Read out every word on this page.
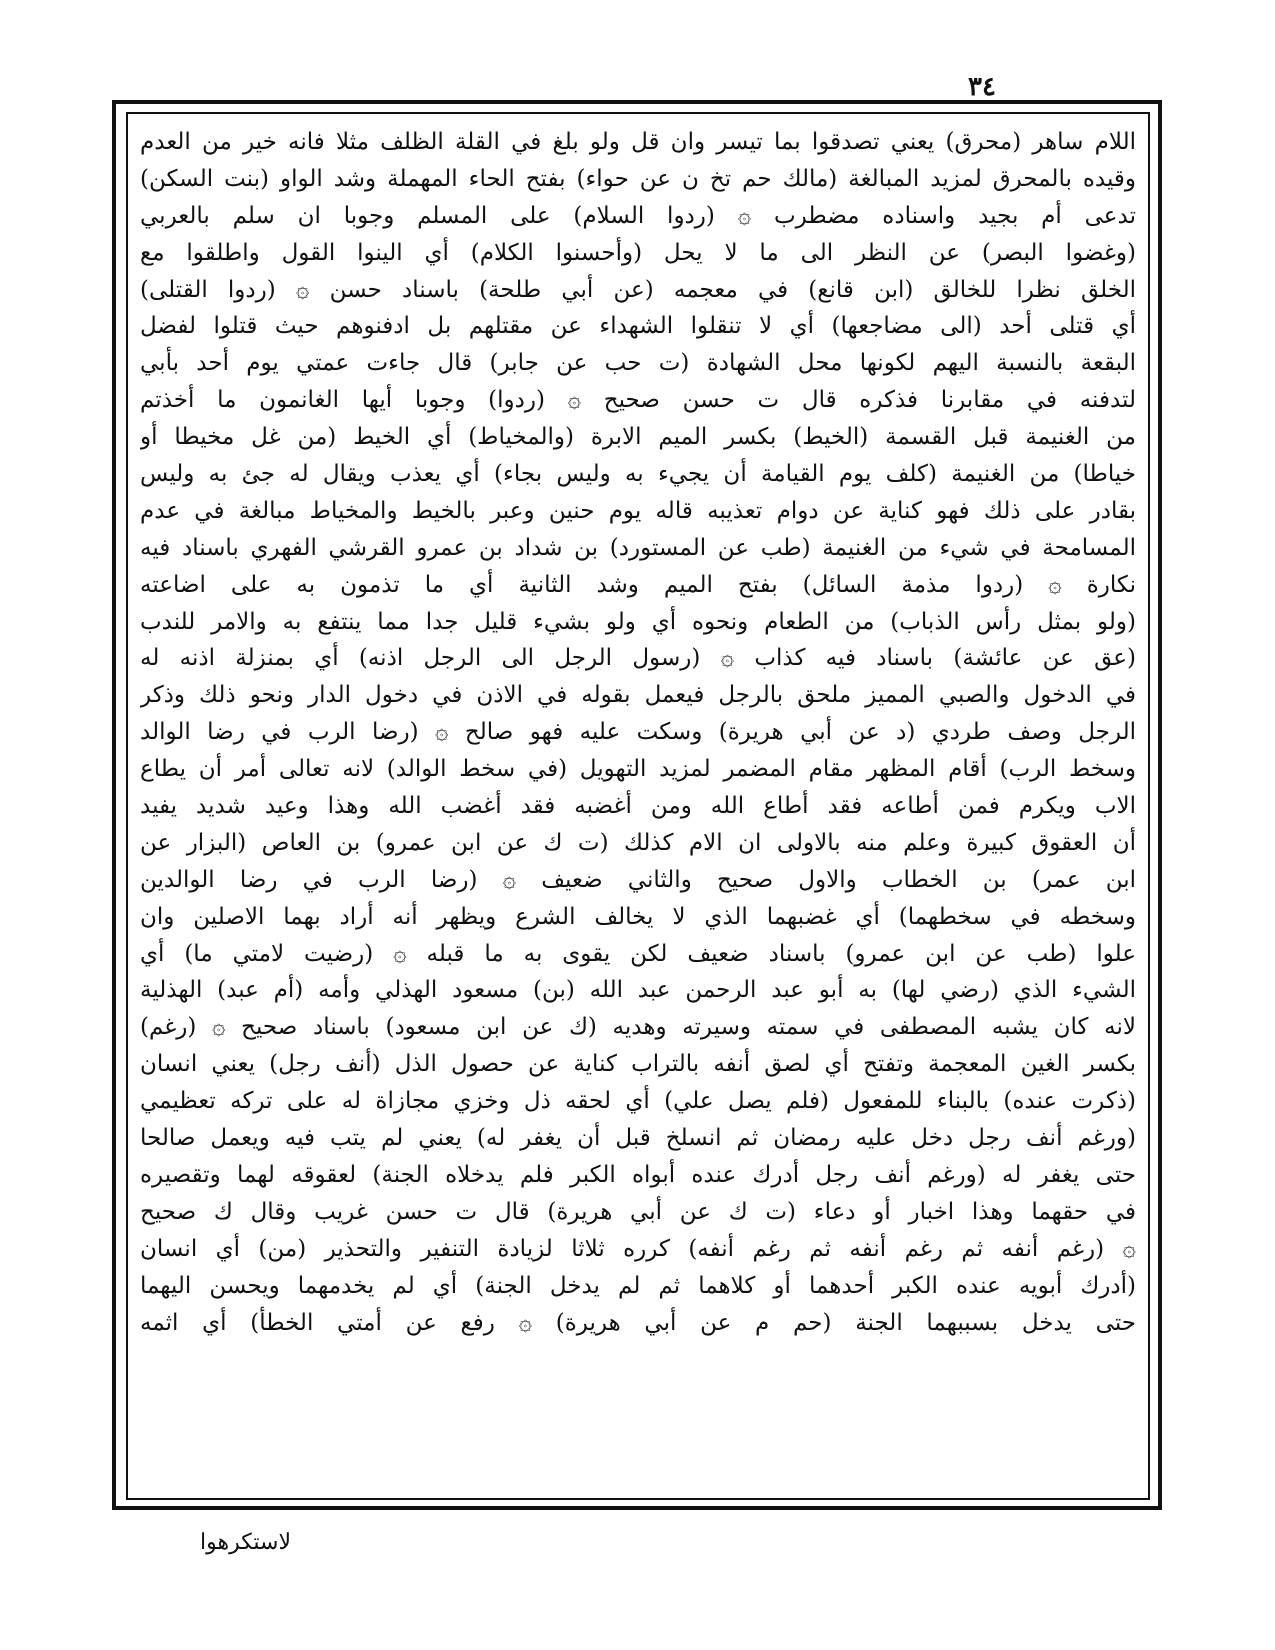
٣٤
اللام ساهر (محرق) يعني تصدقوا بما تيسر وان قل ولو بلغ في القلة الظلف مثلا فانه خير من العدم
وقيده بالمحرق لمزيد المبالغة (مالك حم تخ ن عن حواء) بفتح الحاء المهملة وشد الواو (بنت السكن)
تدعى أم بجيد واسناده مضطرب ۞ (ردوا السلام) على المسلم وجوبا ان سلم بالعربي
(وغضوا البصر) عن النظر الى ما لا يحل (وأحسنوا الكلام) أي الينوا القول واطلقوا مع
الخلق نظرا للخالق (ابن قانع) في معجمه (عن أبي طلحة) باسناد حسن ۞ (ردوا القتلى)
أي قتلى أحد (الى مضاجعها) أي لا تنقلوا الشهداء عن مقتلهم بل ادفنوهم حيث قتلوا لفضل
البقعة بالنسبة اليهم لكونها محل الشهادة (ت حب عن جابر) قال جاءت عمتي يوم أحد بأبي
لتدفنه في مقابرنا فذكره قال ت حسن صحيح ۞ (ردوا) وجوبا أيها الغانمون ما أخذتم
من الغنيمة قبل القسمة (الخيط) بكسر الميم الابرة (والمخياط) أي الخيط (من غل مخيطا أو
خياطا) من الغنيمة (كلف يوم القيامة أن يجيء به وليس بجاء) أي يعذب ويقال له جئ به وليس
بقادر على ذلك فهو كناية عن دوام تعذيبه قاله يوم حنين وعبر بالخيط والمخياط مبالغة في عدم
المسامحة في شيء من الغنيمة (طب عن المستورد) بن شداد بن عمرو القرشي الفهري باسناد فيه
نكارة ۞ (ردوا مذمة السائل) بفتح الميم وشد الثانية أي ما تذمون به على اضاعته
(ولو بمثل رأس الذباب) من الطعام ونحوه أي ولو بشيء قليل جدا مما ينتفع به والامر للندب
(عق عن عائشة) باسناد فيه كذاب ۞ (رسول الرجل الى الرجل اذنه) أي بمنزلة اذنه له
في الدخول والصبي المميز ملحق بالرجل فيعمل بقوله في الاذن في دخول الدار ونحو ذلك وذكر
الرجل وصف طردي (د عن أبي هريرة) وسكت عليه فهو صالح ۞ (رضا الرب في رضا الوالد
وسخط الرب) أقام المظهر مقام المضمر لمزيد التهويل (في سخط الوالد) لانه تعالى أمر أن يطاع
الاب ويكرم فمن أطاعه فقد أطاع الله ومن أغضبه فقد أغضب الله وهذا وعيد شديد يفيد
أن العقوق كبيرة وعلم منه بالاولى ان الام كذلك (ت ك عن ابن عمرو) بن العاص (البزار عن
ابن عمر) بن الخطاب والاول صحيح والثاني ضعيف ۞ (رضا الرب في رضا الوالدين
وسخطه في سخطهما) أي غضبهما الذي لا يخالف الشرع ويظهر أنه أراد بهما الاصلين وان
علوا (طب عن ابن عمرو) باسناد ضعيف لكن يقوى به ما قبله ۞ (رضيت لامتي ما) أي
الشيء الذي (رضي لها) به أبو عبد الرحمن عبد الله (بن) مسعود الهذلي وأمه (أم عبد) الهذلية
لانه كان يشبه المصطفى في سمته وسيرته وهديه (ك عن ابن مسعود) باسناد صحيح ۞ (رغم)
بكسر الغين المعجمة وتفتح أي لصق أنفه بالتراب كناية عن حصول الذل (أنف رجل) يعني انسان
(ذكرت عنده) بالبناء للمفعول (فلم يصل علي) أي لحقه ذل وخزي مجازاة له على تركه تعظيمي
(ورغم أنف رجل دخل عليه رمضان ثم انسلخ قبل أن يغفر له) يعني لم يتب فيه ويعمل صالحا
حتى يغفر له (ورغم أنف رجل أدرك عنده أبواه الكبر فلم يدخلاه الجنة) لعقوقه لهما وتقصيره
في حقهما وهذا اخبار أو دعاء (ت ك عن أبي هريرة) قال ت حسن غريب وقال ك صحيح
۞ (رغم أنفه ثم رغم أنفه ثم رغم أنفه) كرره ثلاثا لزيادة التنفير والتحذير (من) أي انسان
(أدرك أبويه عنده الكبر أحدهما أو كلاهما ثم لم يدخل الجنة) أي لم يخدمهما ويحسن اليهما
حتى يدخل بسببهما الجنة (حم م عن أبي هريرة) ۞ رفع عن أمتي الخطأ) أي اثمه
لاستكرهوا
